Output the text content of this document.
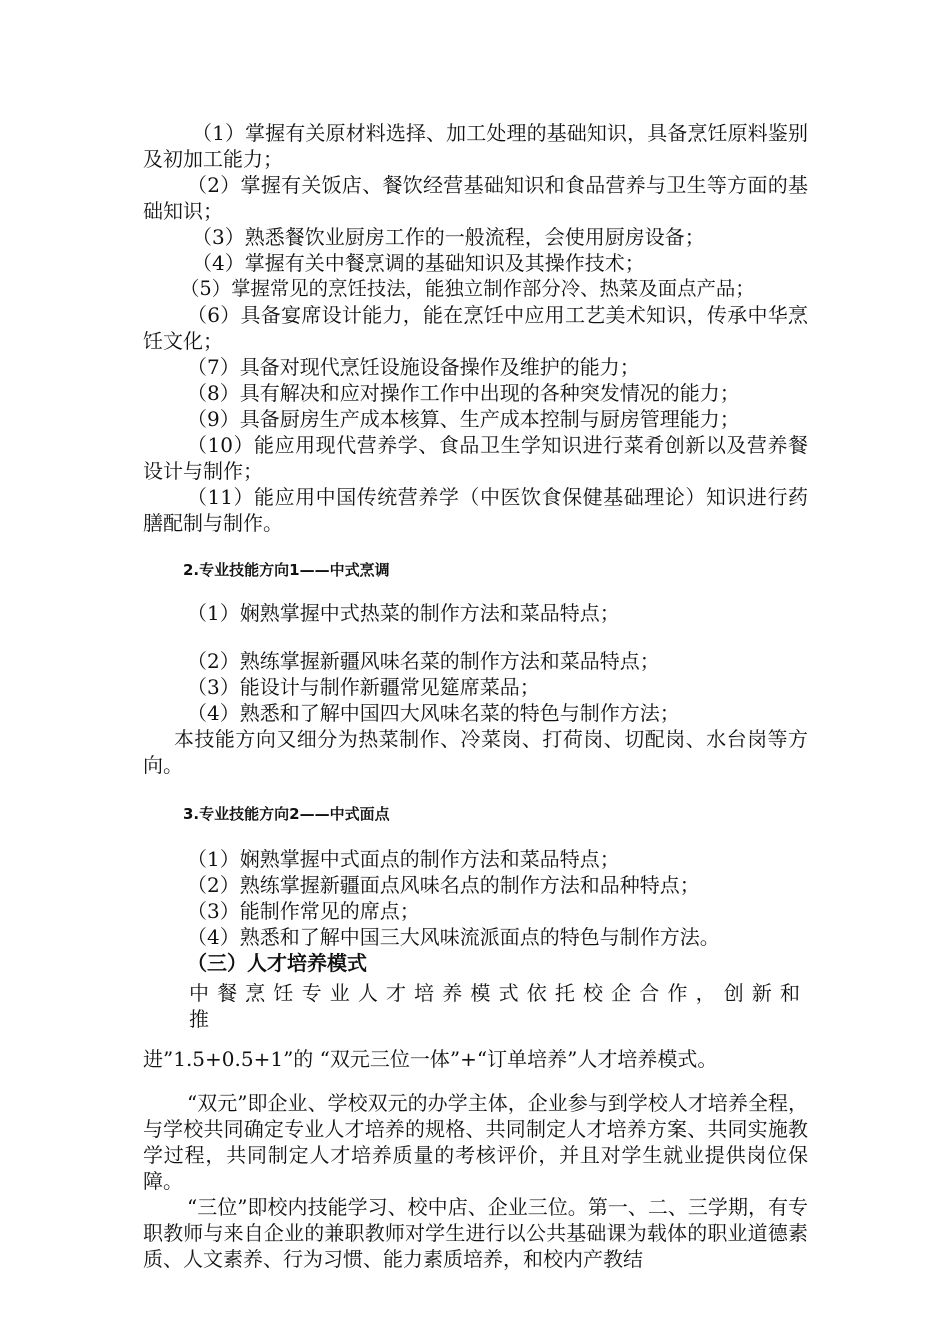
（1）掌握有关原材料选择、加工处理的基础知识，具备烹饪原料鉴别及初加工能力；

（2）掌握有关饭店、餐饮经营基础知识和食品营养与卫生等方面的基础知识；

（3）熟悉餐饮业厨房工作的一般流程，会使用厨房设备；

（4）掌握有关中餐烹调的基础知识及其操作技术；

（5）掌握常见的烹饪技法，能独立制作部分冷、热菜及面点产品；

（6）具备宴席设计能力，能在烹饪中应用工艺美术知识，传承中华烹饪文化；

（7）具备对现代烹饪设施设备操作及维护的能力；

（8）具有解决和应对操作工作中出现的各种突发情况的能力；

（9）具备厨房生产成本核算、生产成本控制与厨房管理能力；

（10）能应用现代营养学、食品卫生学知识进行菜肴创新以及营养餐设计与制作；

（11）能应用中国传统营养学（中医饮食保健基础理论）知识进行药膳配制与制作。

2.专业技能方向1——中式烹调

（1）娴熟掌握中式热菜的制作方法和菜品特点；

（2）熟练掌握新疆风味名菜的制作方法和菜品特点；

（3）能设计与制作新疆常见筵席菜品；

（4）熟悉和了解中国四大风味名菜的特色与制作方法；

本技能方向又细分为热菜制作、冷菜岗、打荷岗、切配岗、水台岗等方向。

3.专业技能方向2——中式面点

（1）娴熟掌握中式面点的制作方法和菜品特点；

（2）熟练掌握新疆面点风味名点的制作方法和品种特点；

（3）能制作常见的席点；

（4）熟悉和了解中国三大风味流派面点的特色与制作方法。

（三）人才培养模式

中餐烹饪专业人才培养模式依托校企合作，创新和推

进”1.5+0.5+1”的 “双元三位一体”+“订单培养”人才培养模式。

“双元”即企业、学校双元的办学主体，企业参与到学校人才培养全程，与学校共同确定专业人才培养的规格、共同制定人才培养方案、共同实施教学过程，共同制定人才培养质量的考核评价，并且对学生就业提供岗位保障。

“三位”即校内技能学习、校中店、企业三位。第一、二、三学期，有专职教师与来自企业的兼职教师对学生进行以公共基础课为载体的职业道德素质、人文素养、行为习惯、能力素质培养，和校内产教结
